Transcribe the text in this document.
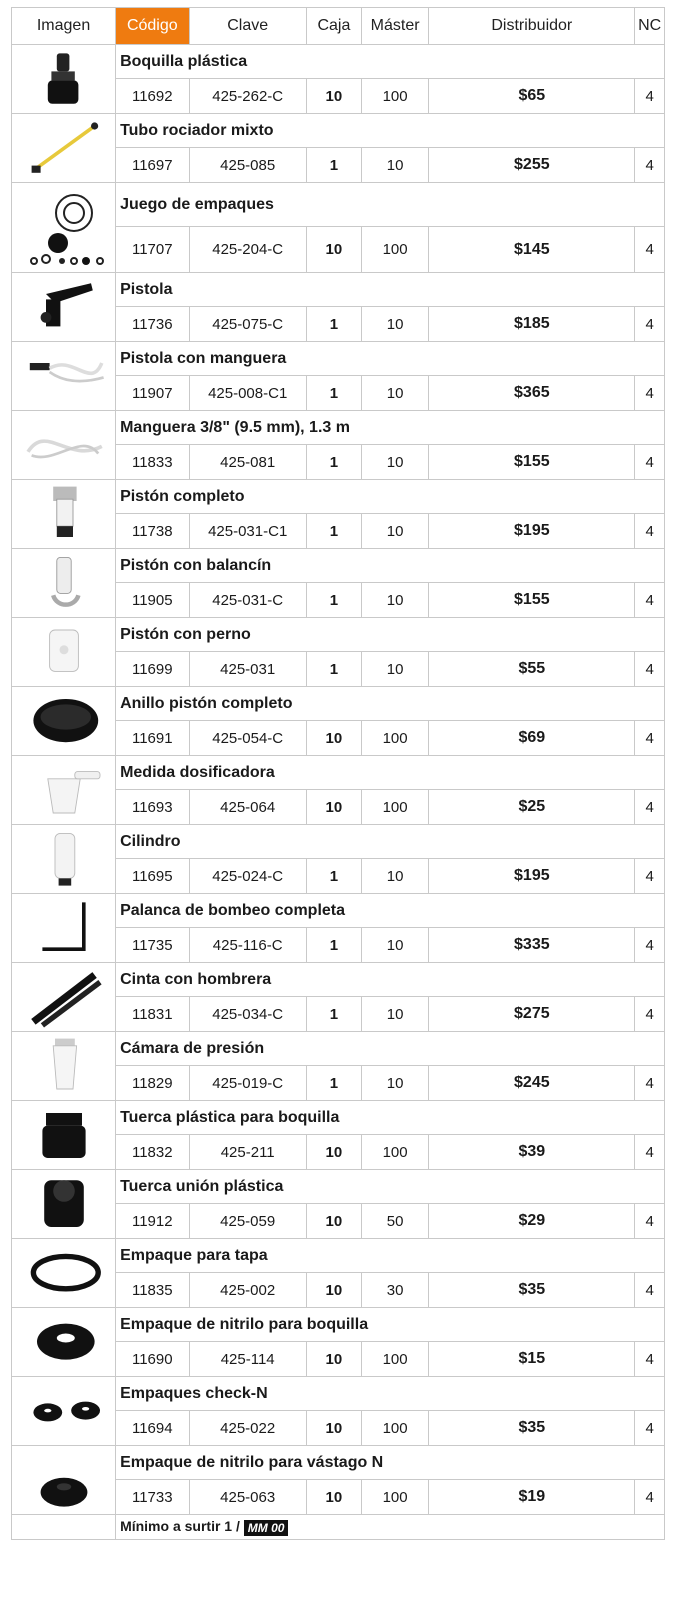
Imagen	Código	Clave	Caja	Máster	Distribuidor	NC

	Boquilla plástica					
	11692	425-262-C	10	100	$65	4

	Tubo rociador mixto					
	11697	425-085	1	10	$255	4

	Juego de empaques					
	11707	425-204-C	10	100	$145	4

	Pistola					
	11736	425-075-C	1	10	$185	4

	Pistola con manguera					
	11907	425-008-C1	1	10	$365	4

	Manguera 3/8" (9.5 mm), 1.3 m					
	11833	425-081	1	10	$155	4

	Pistón completo					
	11738	425-031-C1	1	10	$195	4

	Pistón con balancín					
	11905	425-031-C	1	10	$155	4

	Pistón con perno					
	11699	425-031	1	10	$55	4

	Anillo pistón completo					
	11691	425-054-C	10	100	$69	4

	Medida dosificadora					
	11693	425-064	10	100	$25	4

	Cilindro					
	11695	425-024-C	1	10	$195	4

	Palanca de bombeo completa					
	11735	425-116-C	1	10	$335	4

	Cinta con hombrera					
	11831	425-034-C	1	10	$275	4

	Cámara de presión					
	11829	425-019-C	1	10	$245	4

	Tuerca plástica para boquilla					
	11832	425-211	10	100	$39	4

	Tuerca unión plástica					
	11912	425-059	10	50	$29	4

	Empaque para tapa					
	11835	425-002	10	30	$35	4

	Empaque de nitrilo para boquilla					
	11690	425-114	10	100	$15	4

	Empaques check-N					
	11694	425-022	10	100	$35	4

	Empaque de nitrilo para vástago N					
	11733	425-063	10	100	$19	4
	Mínimo a surtir 1 / MM 00					
